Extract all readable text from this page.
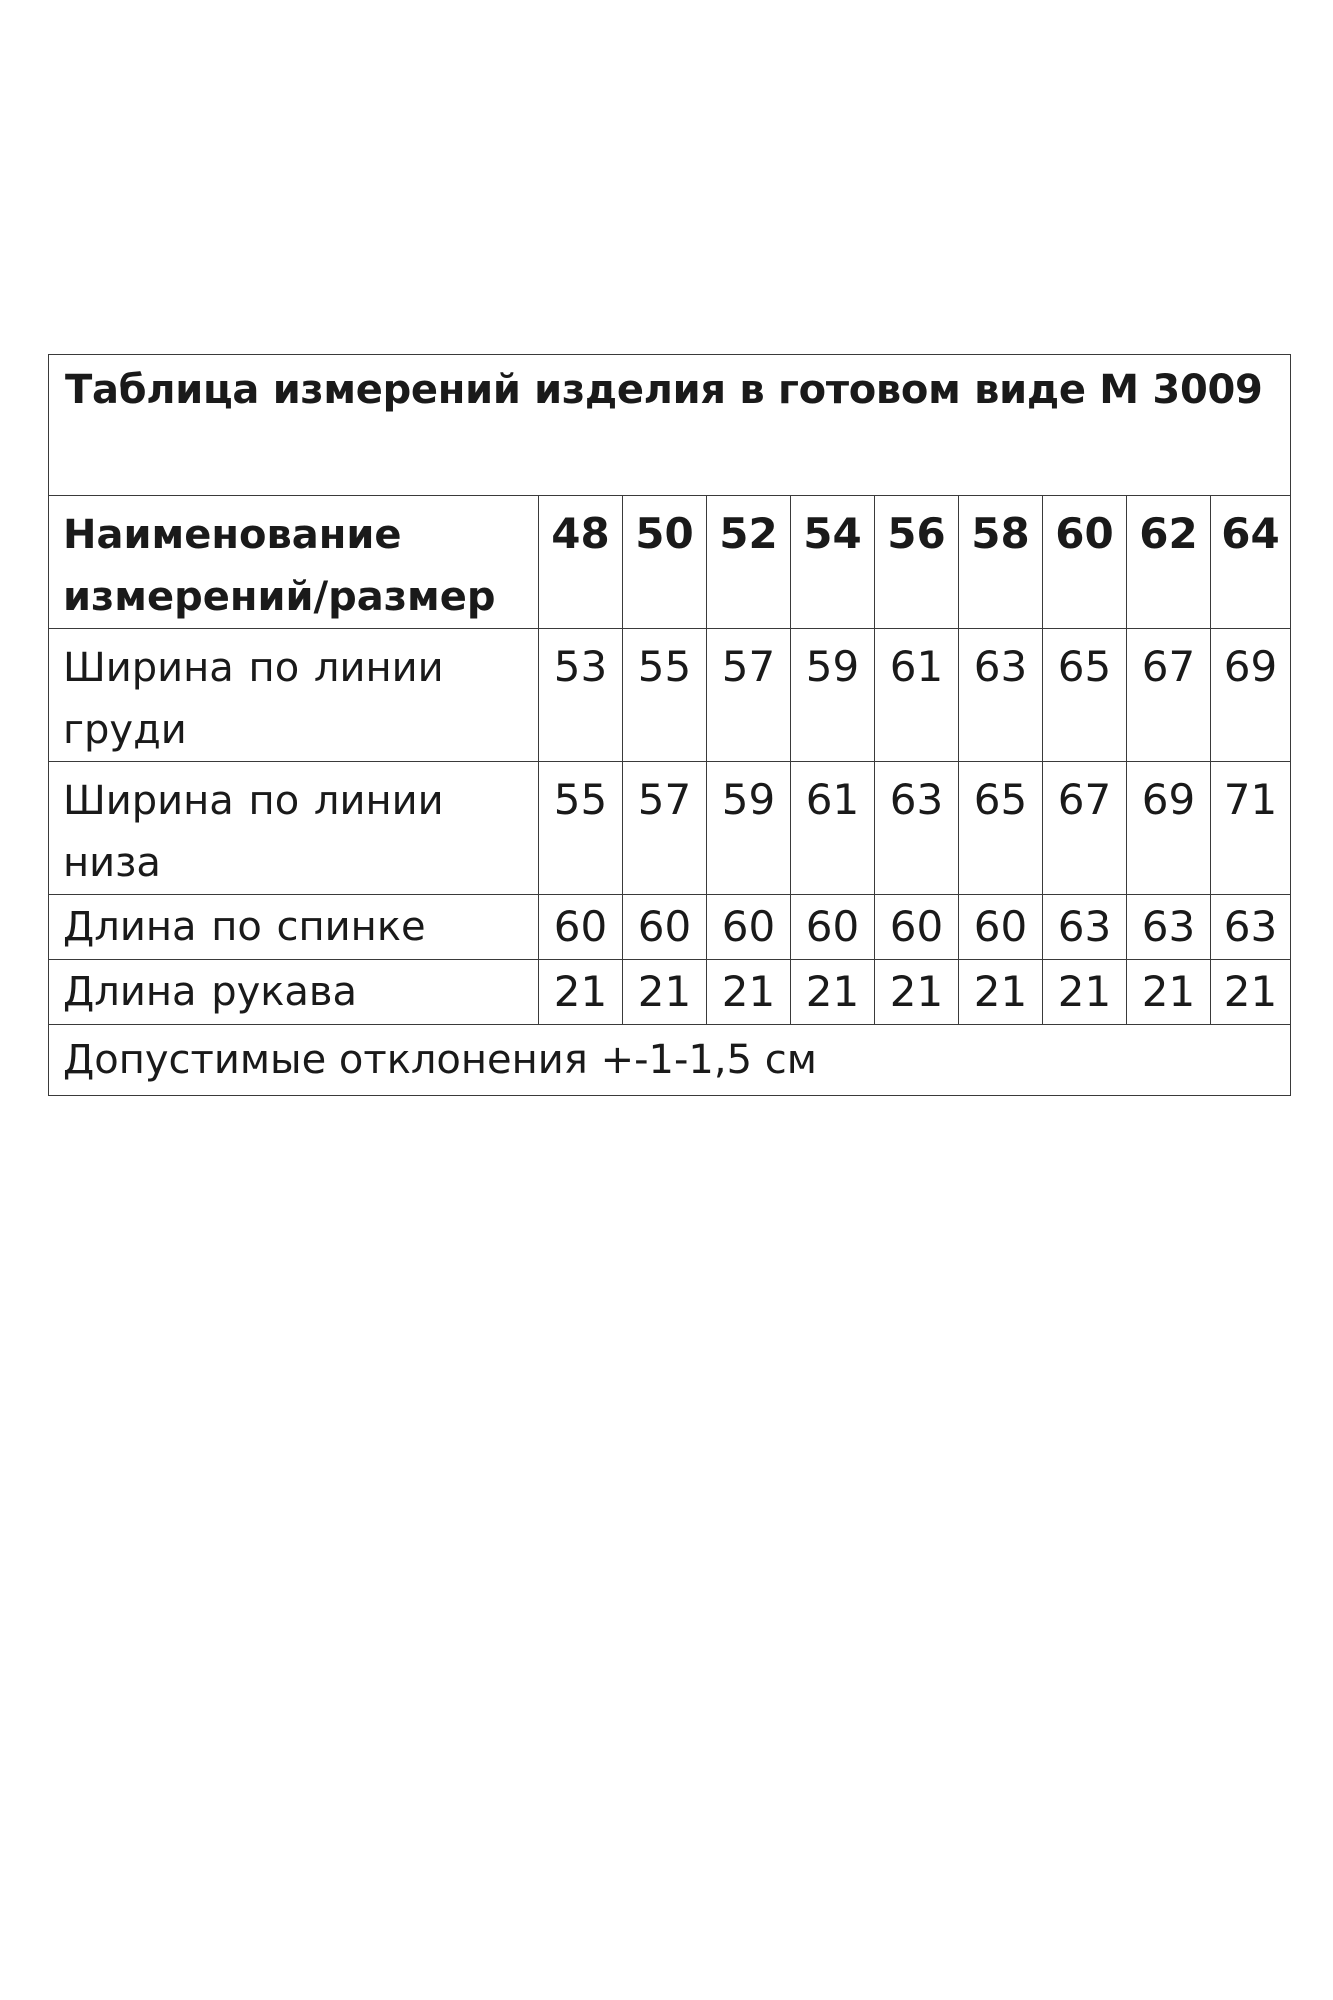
Таблица измерений изделия в готовом виде М 3009									
Наименование измерений/размер	48	50	52	54	56	58	60	62	64
Ширина по линии груди	53	55	57	59	61	63	65	67	69
Ширина по линии низа	55	57	59	61	63	65	67	69	71
Длина по спинке	60	60	60	60	60	60	63	63	63
Длина рукава	21	21	21	21	21	21	21	21	21
Допустимые отклонения +-1-1,5 см									
